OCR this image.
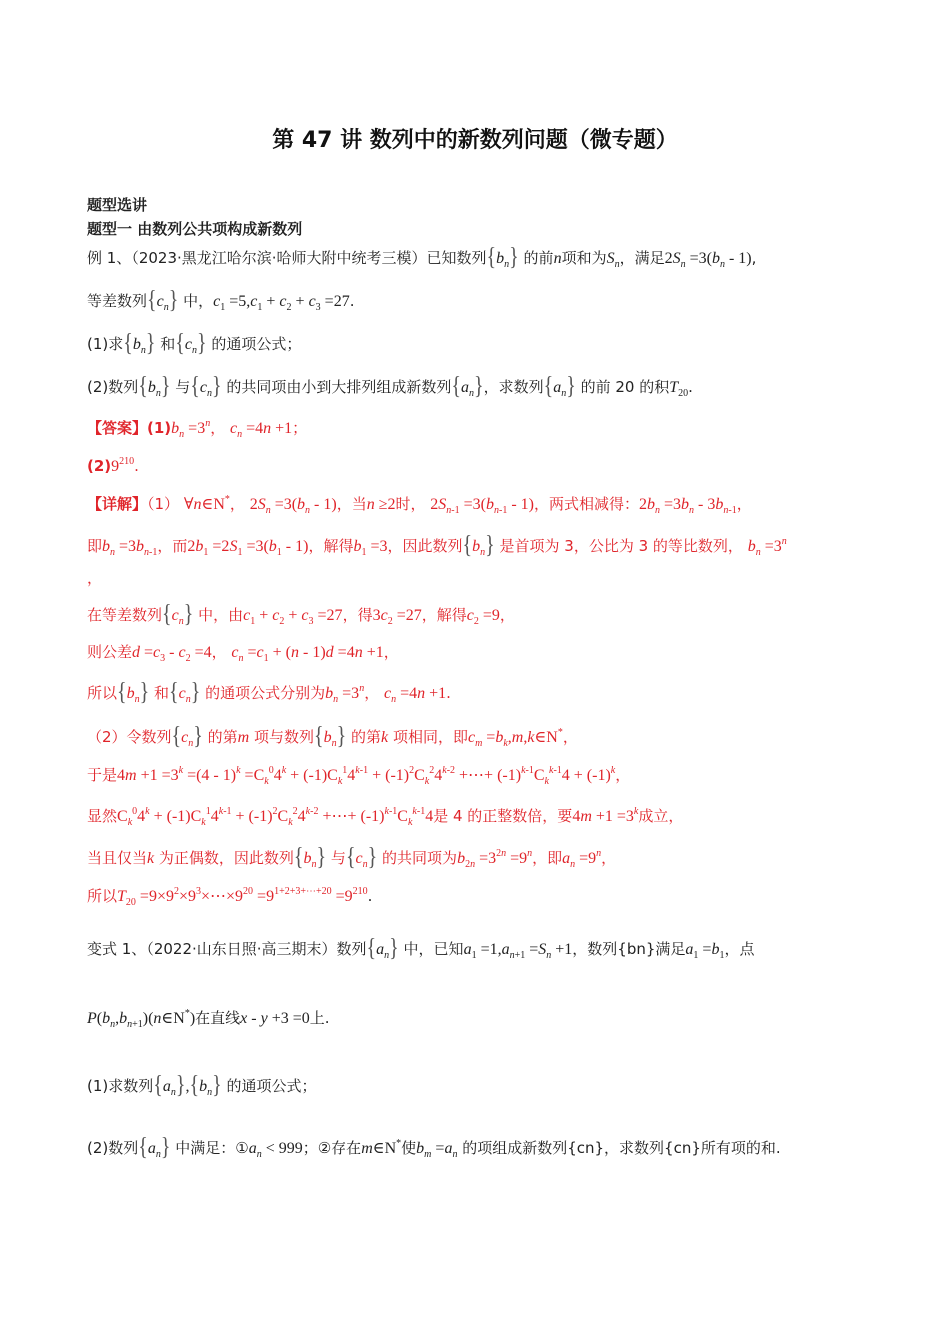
第 47 讲 数列中的新数列问题（微专题）
题型选讲
题型一 由数列公共项构成新数列
例 1、（2023·黑龙江哈尔滨·哈师大附中统考三模）已知数列$\{b_n\}$ 的前n项和为$S_n$，满足$2S_n =3(b_n - 1)$,
等差数列$\{c_n\}$ 中，$c_1 =5,c_1 + c_2 + c_3 =27$.
(1)求$\{b_n\}$ 和$\{c_n\}$ 的通项公式；
(2)数列$\{b_n\}$ 与$\{c_n\}$ 的共同项由小到大排列组成新数列$\{a_n\}$，求数列$\{a_n\}$ 的前 20 的积$T_{20}$.
【答案】$(1)b_n =3^n$， $c_n =4n +1$；
$(2)9^{210}$.
【详解】（1） ∀n∈N*， $2S_n =3(b_n - 1)$，当n ≥2时， $2S_{n-1} =3(b_{n-1} - 1)$，两式相减得：$2b_n =3b_n - 3b_{n-1}$，
即$b_n =3b_{n-1}$，而$2b_1 =2S_1 =3(b_1 - 1)$，解得$b_1 =3$，因此数列$\{b_n\}$ 是首项为 3，公比为 3 的等比数列， $b_n =3^n$
，
在等差数列$\{c_n\}$ 中，由$c_1 + c_2 + c_3 =27$，得$3c_2 =27$，解得$c_2 =9$，
则公差$d =c_3 - c_2 =4$， $c_n =c_1 + (n - 1)d =4n +1$，
所以$\{b_n\}$ 和$\{c_n\}$ 的通项公式分别为$b_n =3^n$， $c_n =4n +1$.
（2）令数列$\{c_n\}$ 的第m 项与数列$\{b_n\}$ 的第k 项相同，即$c_m$ $=b_k,m,k\in N^*$，
于是$4m +1 =3^k =(4 - 1)^k =C_k^04^k + (-1)C_k^14^{k-1} + (-1)^2C_k^24^{k-2}$ +⋯+ $(-1)^{k-1}C_k^{k-1}4 + (-1)^k$，
显然$C_k^04^k + (-1)C_k^14^{k-1} + (-1)^2C_k^24^{k-2}$ +⋯+ $(-1)^{k-1}C_k^{k-1}4$是 4 的正整数倍，要$4m +1 =3^k$成立，
当且仅当k 为正偶数，因此数列$\{b_n\}$ 与$\{c_n\}$ 的共同项为$b_{2n} =3^{2n} =9^n$，即$a_n =9^n$，
所以$T_{20}$ $=9\times 9^2\times 9^3\times\cdots\times 9^{20} =9^{1+2+3+\cdots+20} =9^{210}$.
变式 1、（2022·山东日照·高三期末）数列$\{a_n\}$ 中，已知$a_1 =1,a_{n+1} =S_n +1$，数列{bn}满足$a_1 =b_1$，点
$P(b_n,b_{n+1})(n\in N^*)$在直线x - y +3 =0上.
(1)求数列$\{a_n\},\{b_n\}$ 的通项公式；
(2)数列$\{a_n\}$ 中满足：$①a_n < 999$；②存在m∈N*使$b_m =a_n$ 的项组成新数列{cn}，求数列{cn}所有项的和.
